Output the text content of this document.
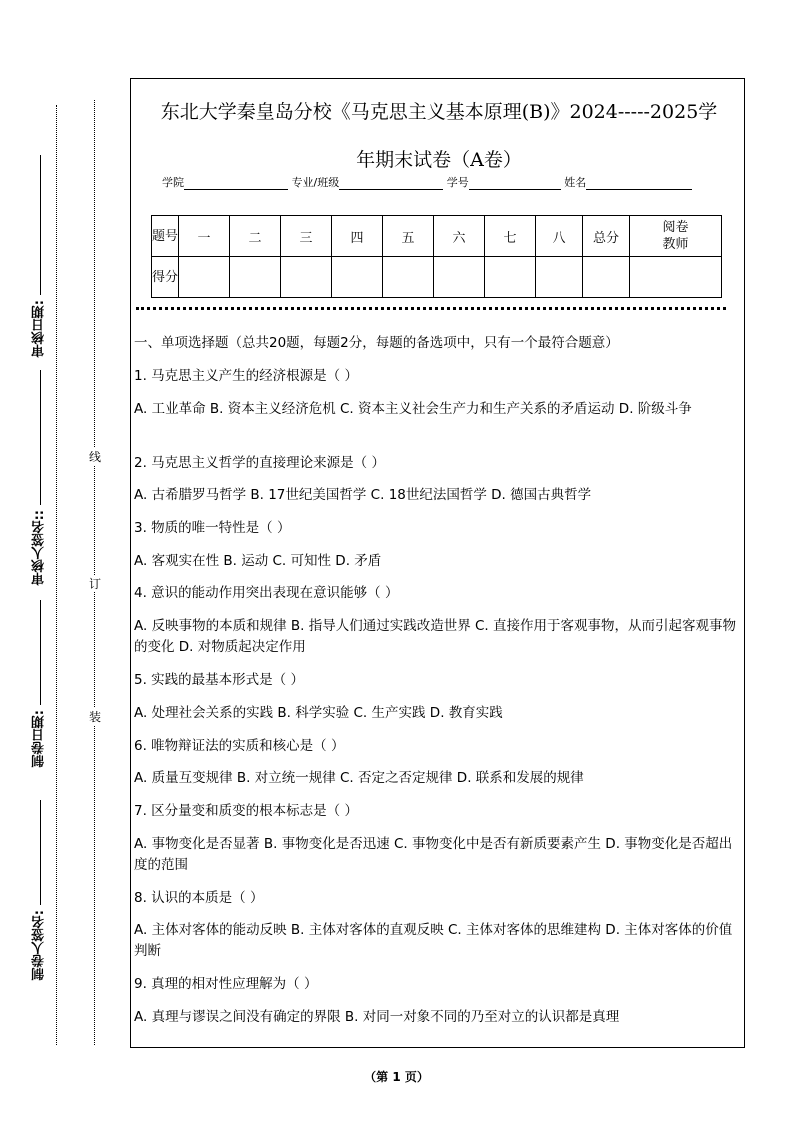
审核日期:
审核人签名::
制卷日期:
制卷人签名:
线
订
装
东北大学秦皇岛分校《马克思主义基本原理(B)》2024-----2025学
年期末试卷（A卷）
学院	专业/班级	学号	姓名
题号	一	二	三	四	五	六	七	八	总分	阅卷教师
得分										
一、单项选择题（总共20题，每题2分，每题的备选项中，只有一个最符合题意）
1. 马克思主义产生的经济根源是（ ）
A. 工业革命 B. 资本主义经济危机 C. 资本主义社会生产力和生产关系的矛盾运动 D. 阶级斗争
2. 马克思主义哲学的直接理论来源是（ ）
A. 古希腊罗马哲学 B. 17世纪美国哲学 C. 18世纪法国哲学 D. 德国古典哲学
3. 物质的唯一特性是（ ）
A. 客观实在性 B. 运动 C. 可知性 D. 矛盾
4. 意识的能动作用突出表现在意识能够（ ）
A. 反映事物的本质和规律 B. 指导人们通过实践改造世界 C. 直接作用于客观事物，从而引起客观事物的变化 D. 对物质起决定作用
5. 实践的最基本形式是（ ）
A. 处理社会关系的实践 B. 科学实验 C. 生产实践 D. 教育实践
6. 唯物辩证法的实质和核心是（ ）
A. 质量互变规律 B. 对立统一规律 C. 否定之否定规律 D. 联系和发展的规律
7. 区分量变和质变的根本标志是（ ）
A. 事物变化是否显著 B. 事物变化是否迅速 C. 事物变化中是否有新质要素产生 D. 事物变化是否超出度的范围
8. 认识的本质是（ ）
A. 主体对客体的能动反映 B. 主体对客体的直观反映 C. 主体对客体的思维建构 D. 主体对客体的价值判断
9. 真理的相对性应理解为（ ）
A. 真理与谬误之间没有确定的界限 B. 对同一对象不同的乃至对立的认识都是真理
（第 1 页）
